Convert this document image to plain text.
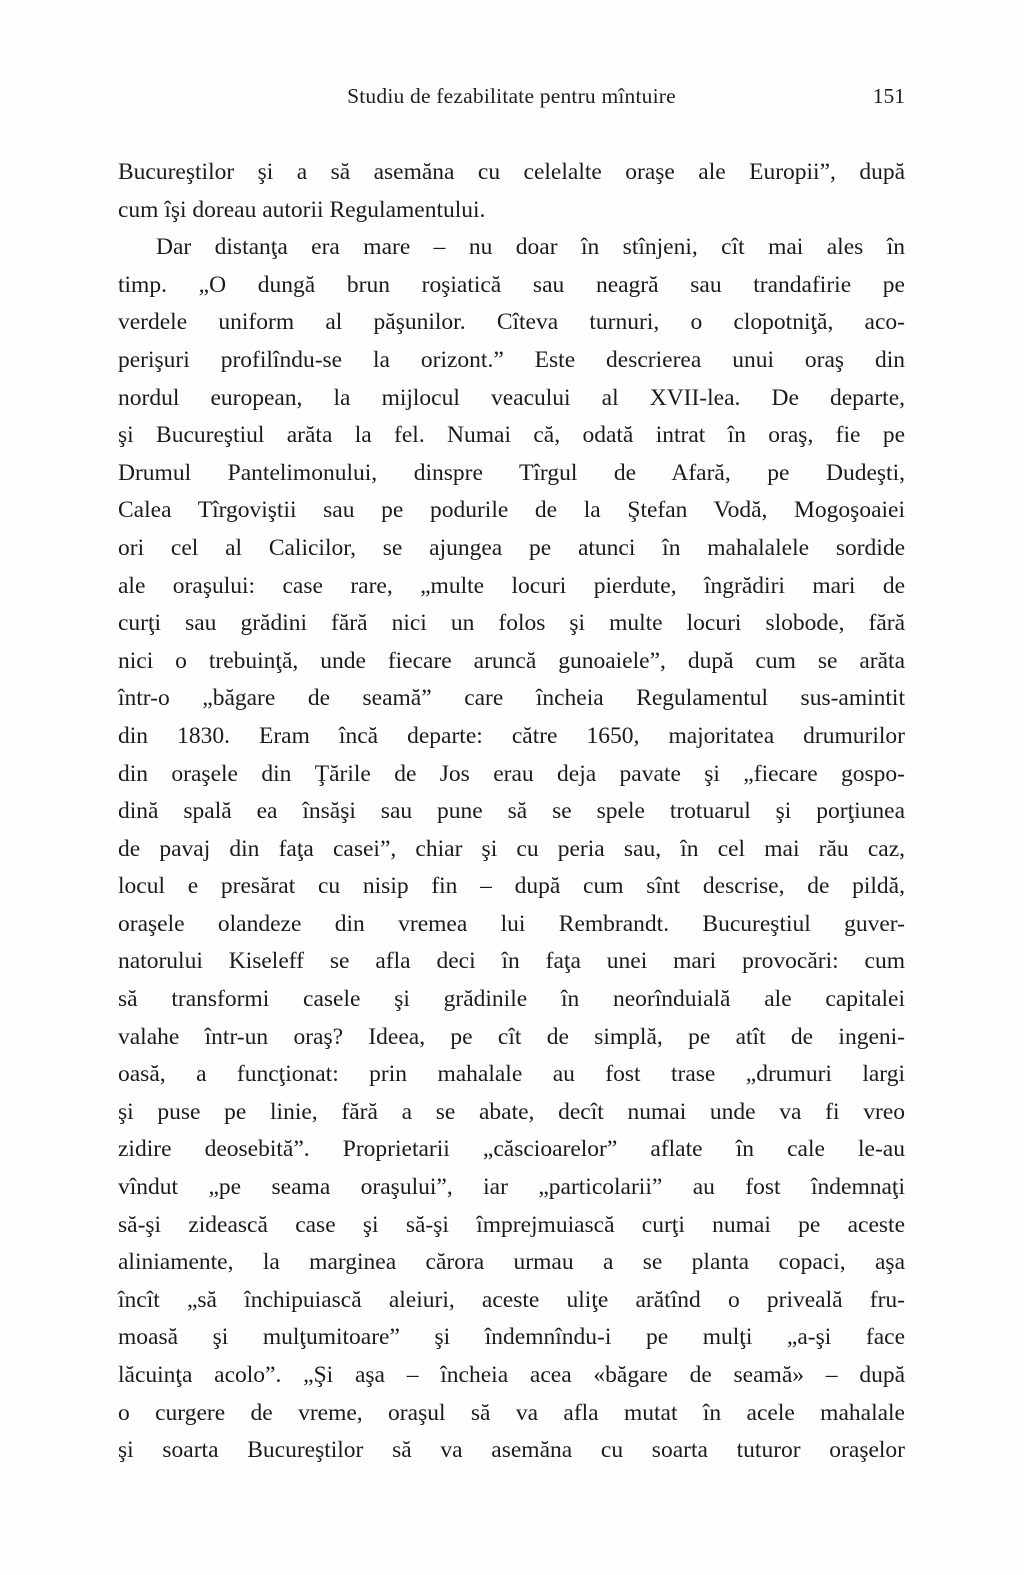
Studiu de fezabilitate pentru mîntuire	151
Bucureştilor şi a să asemăna cu celelalte oraşe ale Europii”, după
cum îşi doreau autorii Regulamentului.
Dar distanţa era mare – nu doar în stînjeni, cît mai ales în
timp. „O dungă brun roşiatică sau neagră sau trandafirie pe
verdele uniform al păşunilor. Cîteva turnuri, o clopotniţă, aco-
perişuri profilîndu-se la orizont.” Este descrierea unui oraş din
nordul european, la mijlocul veacului al XVII-lea. De departe,
şi Bucureştiul arăta la fel. Numai că, odată intrat în oraş, fie pe
Drumul Pantelimonului, dinspre Tîrgul de Afară, pe Dudeşti,
Calea Tîrgoviştii sau pe podurile de la Ştefan Vodă, Mogoşoaiei
ori cel al Calicilor, se ajungea pe atunci în mahalalele sordide
ale oraşului: case rare, „multe locuri pierdute, îngrădiri mari de
curţi sau grădini fără nici un folos şi multe locuri slobode, fără
nici o trebuinţă, unde fiecare aruncă gunoaiele”, după cum se arăta
într-o „băgare de seamă” care încheia Regulamentul sus-amintit
din 1830. Eram încă departe: către 1650, majoritatea drumurilor
din oraşele din Ţările de Jos erau deja pavate şi „fiecare gospo-
dină spală ea însăşi sau pune să se spele trotuarul şi porţiunea
de pavaj din faţa casei”, chiar şi cu peria sau, în cel mai rău caz,
locul e presărat cu nisip fin – după cum sînt descrise, de pildă,
oraşele olandeze din vremea lui Rembrandt. Bucureştiul guver-
natorului Kiseleff se afla deci în faţa unei mari provocări: cum
să transformi casele şi grădinile în neorînduială ale capitalei
valahe într-un oraş? Ideea, pe cît de simplă, pe atît de ingeni-
oasă, a funcţionat: prin mahalale au fost trase „drumuri largi
şi puse pe linie, fără a se abate, decît numai unde va fi vreo
zidire deosebită”. Proprietarii „căscioarelor” aflate în cale le-au
vîndut „pe seama oraşului”, iar „particolarii” au fost îndemnaţi
să-şi zidească case şi să-şi împrejmuiască curţi numai pe aceste
aliniamente, la marginea cărora urmau a se planta copaci, aşa
încît „să închipuiască aleiuri, aceste uliţe arătînd o priveală fru-
moasă şi mulţumitoare” şi îndemnîndu-i pe mulţi „a-şi face
lăcuinţa acolo”. „Şi aşa – încheia acea «băgare de seamă» – după
o curgere de vreme, oraşul să va afla mutat în acele mahalale
şi soarta Bucureştilor să va asemăna cu soarta tuturor oraşelor
